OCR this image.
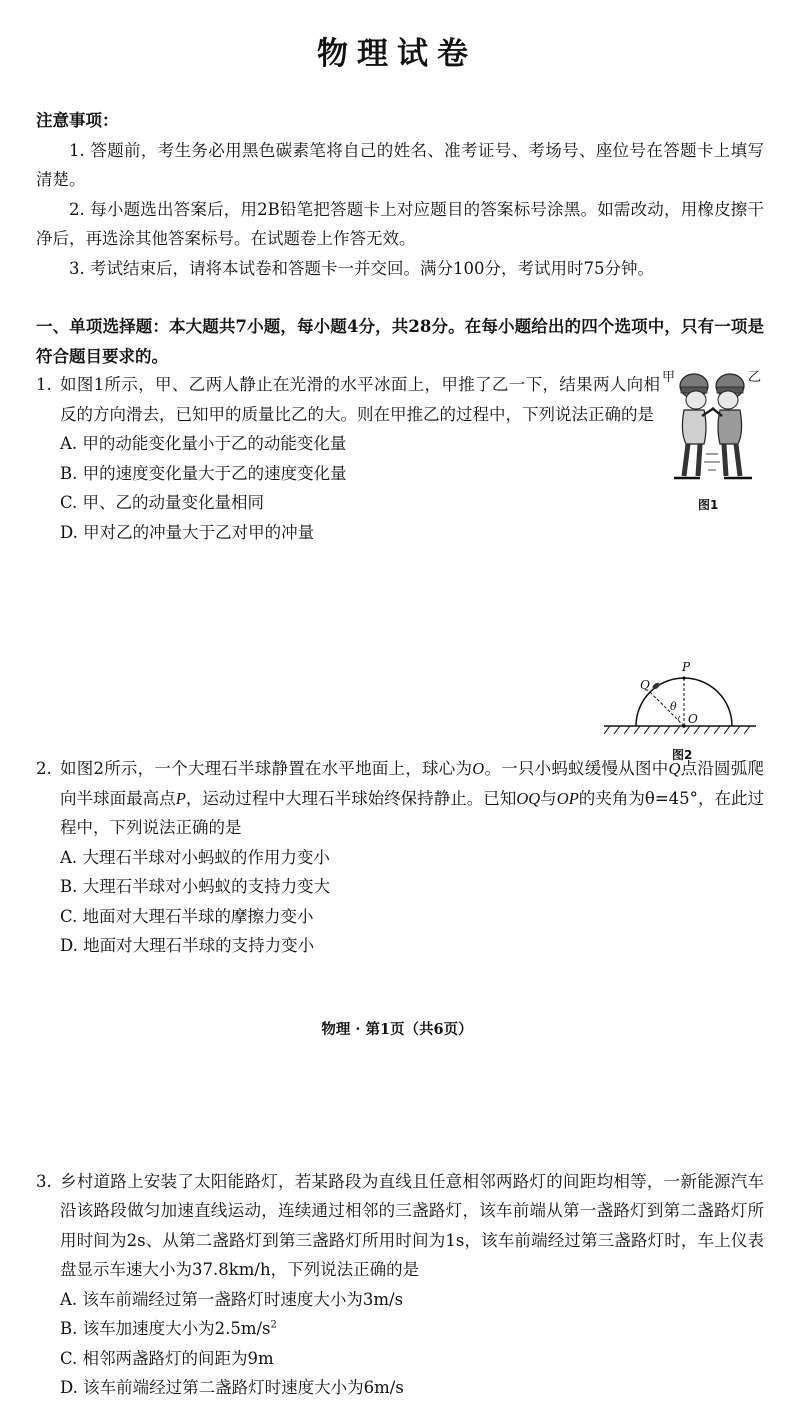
物理试卷
注意事项：
1. 答题前，考生务必用黑色碳素笔将自己的姓名、准考证号、考场号、座位号在答题卡上填写清楚。
2. 每小题选出答案后，用2B铅笔把答题卡上对应题目的答案标号涂黑。如需改动，用橡皮擦干净后，再选涂其他答案标号。在试题卷上作答无效。
3. 考试结束后，请将本试卷和答题卡一并交回。满分100分，考试用时75分钟。
一、单项选择题：本大题共7小题，每小题4分，共28分。在每小题给出的四个选项中，只有一项是符合题目要求的。
1. 如图1所示，甲、乙两人静止在光滑的水平冰面上，甲推了乙一下，结果两人向相反的方向滑去，已知甲的质量比乙的大。则在甲推乙的过程中，下列说法正确的是
A. 甲的动能变化量小于乙的动能变化量
B. 甲的速度变化量大于乙的速度变化量
C. 甲、乙的动量变化量相同
D. 甲对乙的冲量大于乙对甲的冲量
甲	乙
图1
2. 如图2所示，一个大理石半球静置在水平地面上，球心为O。一只小蚂蚁缓慢从图中Q点沿圆弧爬向半球面最高点P，运动过程中大理石半球始终保持静止。已知OQ与OP的夹角为θ=45°，在此过程中，下列说法正确的是
A. 大理石半球对小蚂蚁的作用力变小
B. 大理石半球对小蚂蚁的支持力变大
C. 地面对大理石半球的摩擦力变小
D. 地面对大理石半球的支持力变小
P
Q
θ
O
图2
3. 乡村道路上安装了太阳能路灯，若某路段为直线且任意相邻两路灯的间距均相等，一新能源汽车沿该路段做匀加速直线运动，连续通过相邻的三盏路灯，该车前端从第一盏路灯到第二盏路灯所用时间为2s、从第二盏路灯到第三盏路灯所用时间为1s，该车前端经过第三盏路灯时，车上仪表盘显示车速大小为37.8km/h，下列说法正确的是
A. 该车前端经过第一盏路灯时速度大小为3m/s
B. 该车加速度大小为$2.5m/s^2$
C. 相邻两盏路灯的间距为9m
D. 该车前端经过第二盏路灯时速度大小为6m/s
物理 · 第1页（共6页）
